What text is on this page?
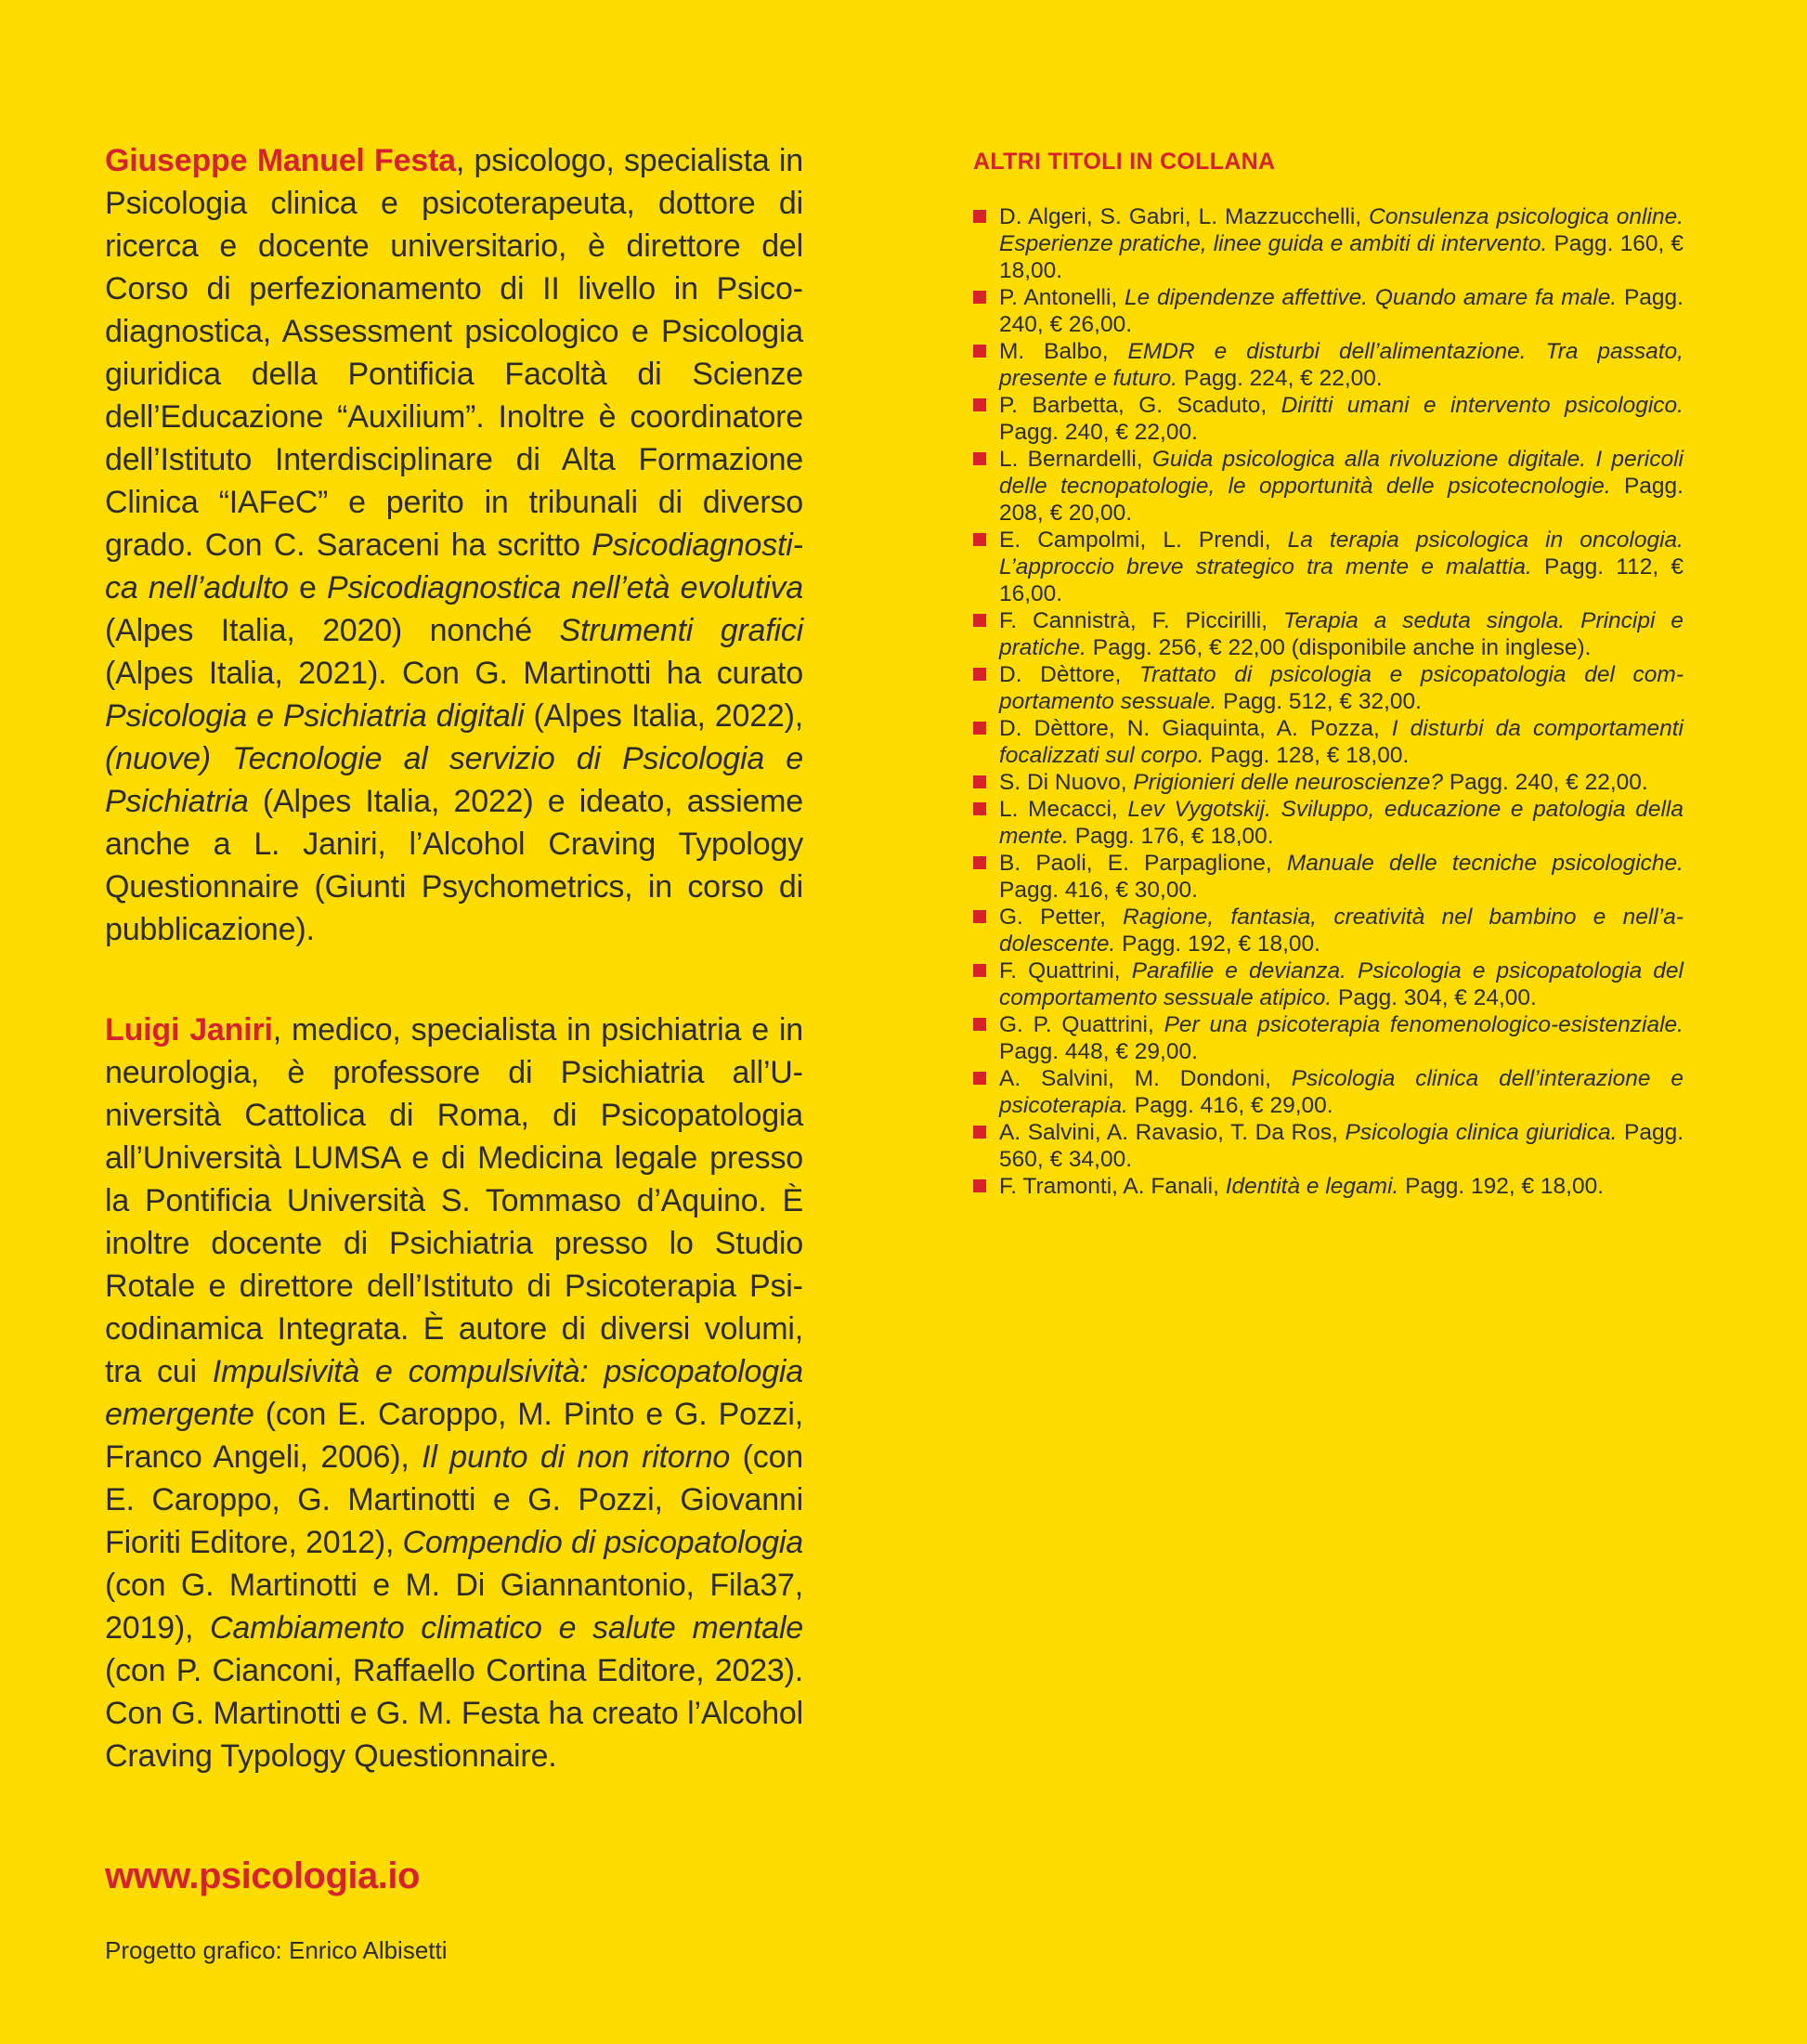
Giuseppe Manuel Festa, psicologo, specialista in Psicologia clinica e psicoterapeuta, dottore di ricerca e docente universitario, è direttore del Corso di perfezionamento di II livello in Psicodiagnostica, Assessment psicologico e Psicologia giuridica della Pontificia Facoltà di Scienze dell’Educazione “Auxilium”. Inoltre è coordinatore dell’Istituto Interdisciplinare di Alta Formazione Clinica “IAFeC” e perito in tribunali di diverso grado. Con C. Saraceni ha scritto Psicodiagnostica nell’adulto e Psicodiagnostica nell’età evolutiva (Alpes Italia, 2020) nonché Strumenti grafici (Alpes Italia, 2021). Con G. Martinotti ha curato Psicologia e Psichiatria digitali (Alpes Italia, 2022), (nuove) Tecnologie al servizio di Psicologia e Psichiatria (Alpes Italia, 2022) e ideato, assieme anche a L. Janiri, l’Alcohol Craving Typology Questionnaire (Giunti Psychometrics, in corso di pubblicazione).

Luigi Janiri, medico, specialista in psichiatria e in neurologia, è professore di Psichiatria all’Università Cattolica di Roma, di Psicopatologia all’Università LUMSA e di Medicina legale presso la Pontificia Università S. Tommaso d’Aquino. È inoltre docente di Psichiatria presso lo Studio Rotale e direttore dell’Istituto di Psicoterapia Psicodinamica Integrata. È autore di diversi volumi, tra cui Impulsività e compulsività: psicopatologia emergente (con E. Caroppo, M. Pinto e G. Pozzi, Franco Angeli, 2006), Il punto di non ritorno (con E. Caroppo, G. Martinotti e G. Pozzi, Giovanni Fioriti Editore, 2012), Compendio di psicopatologia (con G. Martinotti e M. Di Giannantonio, Fila37, 2019), Cambiamento climatico e salute mentale (con P. Cianconi, Raffaello Cortina Editore, 2023). Con G. Martinotti e G. M. Festa ha creato l’Alcohol Craving Typology Questionnaire.

www.psicologia.io
Progetto grafico: Enrico Albisetti
ALTRI TITOLI IN COLLANA
D. Algeri, S. Gabri, L. Mazzucchelli, Consulenza psicologica online. Esperienze pratiche, linee guida e ambiti di intervento. Pagg. 160, € 18,00.
P. Antonelli, Le dipendenze affettive. Quando amare fa male. Pagg. 240, € 26,00.
M. Balbo, EMDR e disturbi dell’alimentazione. Tra passato, presente e futuro. Pagg. 224, € 22,00.
P. Barbetta, G. Scaduto, Diritti umani e intervento psicologico. Pagg. 240, € 22,00.
L. Bernardelli, Guida psicologica alla rivoluzione digitale. I pericoli delle tecnopatologie, le opportunità delle psicotecnologie. Pagg. 208, € 20,00.
E. Campolmi, L. Prendi, La terapia psicologica in oncologia. L’approccio breve strategico tra mente e malattia. Pagg. 112, € 16,00.
F. Cannistrà, F. Piccirilli, Terapia a seduta singola. Principi e pratiche. Pagg. 256, € 22,00 (disponibile anche in inglese).
D. Dèttore, Trattato di psicologia e psicopatologia del comportamento sessuale. Pagg. 512, € 32,00.
D. Dèttore, N. Giaquinta, A. Pozza, I disturbi da comportamenti focalizzati sul corpo. Pagg. 128, € 18,00.
S. Di Nuovo, Prigionieri delle neuroscienze? Pagg. 240, € 22,00.
L. Mecacci, Lev Vygotskij. Sviluppo, educazione e patologia della mente. Pagg. 176, € 18,00.
B. Paoli, E. Parpaglione, Manuale delle tecniche psicologiche. Pagg. 416, € 30,00.
G. Petter, Ragione, fantasia, creatività nel bambino e nell’adolescente. Pagg. 192, € 18,00.
F. Quattrini, Parafilie e devianza. Psicologia e psicopatologia del comportamento sessuale atipico. Pagg. 304, € 24,00.
G. P. Quattrini, Per una psicoterapia fenomenologico-esistenziale. Pagg. 448, € 29,00.
A. Salvini, M. Dondoni, Psicologia clinica dell’interazione e psicoterapia. Pagg. 416, € 29,00.
A. Salvini, A. Ravasio, T. Da Ros, Psicologia clinica giuridica. Pagg. 560, € 34,00.
F. Tramonti, A. Fanali, Identità e legami. Pagg. 192, € 18,00.
